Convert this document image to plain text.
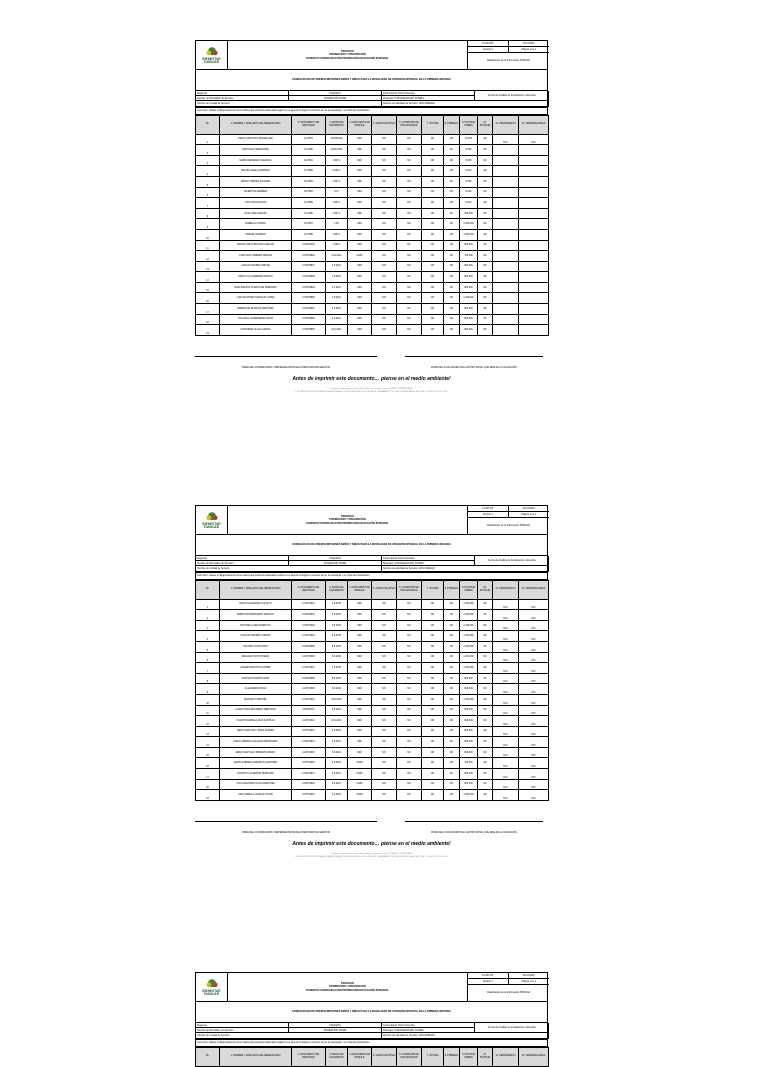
BIENESTAR FAMILIAR
PROCESO
PROMOCIÓN Y PREVENCIÓN
FORMATO CONSOLIDACIÓN PROMOCIÓN EDUCACIÓN INTEGRAL
F1.MO.PP	01/10/2015
Versión 4	Página 1 de 1
Clasificación de la Información PÚBLICA
CONSOLIDADO DE PREINSCRIPCIONES NIÑOS Y NIÑAS PARA LA MODALIDAD DE ATENCIÓN INTEGRAL EN LA PRIMERA INFANCIA
Regional	CAQUETÁ	Centro Zonal: Norte Florencia
Fecha de Análisis de Focalización: diciembre
Nombre del Prestador del Servicio	FUNDACION CIPRE	Municipio: CARTAGENA DEL CHAIRA
Nombre de Unidad de Servicio	Nombre de actividad de Servicio: UDS CRECER
Instructivo: Indique el diligenciamiento de los datos para productos planteados registro a en atención integral en servicios de ser de descargar o en cifras de Focalización.
No.	1. NOMBRE Y APELLIDOS DEL BENEFICIARIO	2. DOCUMENTO DE IDENTIDAD	3. FECHA DE NACIMIENTO	4. DESCUENTO DE PROFILE	5. GRUPO DE ÉTNIA	6. CONDICIÓN DE DISCAPACIDAD	7. VÍCTIMA	8. POBREZA	9. PUNTAJE SISBEN	10. PUNTAJE	11. PERTENENCIA	12. OBSERVACIONES
1	DIEGO SANTIAGO RODRIGUEZ	1117879	25/03/2019	NINI	NO	NO	NO	NO	10.000	NO	NO	NO
2	SANTIAGO HERNÁNDEZ	1117880	16/11/2020	NINI	NO	NO	NO	NO	8.000	NO		
3	MARIA FERNANDA VALENCIA	1117881	1.807.1	NINI	NO	NO	NO	NO	8.000	NO		
4	MIGUEL ANGEL QUEVEDO	1117882	2.001.2	NINI	NO	NO	NO	NO	8.000	NO		
5	MATEO TORRES SALAZAR	1117883	1.807.1	NINI	NO	NO	NO	NO	8.000	NO		
6	VALENTINA RAMÍREZ	1117884	15.0	NINI	NO	NO	NO	NO	8.000	NO		
7	LUNA SOFIA ROJAS	1117885	1.807.1	NINI	NO	NO	NO	NO	8.000	NO		
8	JUAN JOSÉ VARGAS	1117886	1.807.1	NINI	NO	NO	NO	NO	300.000	NO		
9	ISABELLA CASTRO	1117887	1.80	NINI	NO	NO	NO	NO	1.200.000	NO		
10	SAMUEL MORENO	1117888	1.807.1	NINI	NO	NO	NO	NO	1.200.000	NO		
11	DANNA LISETH MOLINA CUELLAR	1117879145	1.602.1	NINI	NO	NO	NO	NO	900.000	NO		
12	JOSÉ SAÚL JIMÉNEZ VARGAS	1117879846	3.02.2021	CNAP	NO	NO	NO	NO	720.000	NO		
13	CARLOS ANDRES OSPINA	1117879847	1.5.2021	NINI	NO	NO	NO	NO	800.000	NO		
14	SARA TULIA PAREDES RINCON	1117879848	7.8.2021	NINI	NO	NO	NO	NO	800.000	NO		
15	JUAN MATEUS CLAROS DE PERDOMO	1117879849	1.4.2021	NINI	NO	NO	NO	NO	950.000	NO		
16	LUNA MATTHEW NARANJO LOPEZ	1117879850	7.9.2021	NINI	NO	NO	NO	NO	1.200.000	NO		
17	EMMANUEL BURGOS MARTÍNEZ	1117879851	1.3.2021	NINI	NO	NO	NO	NO	800.000	NO		
18	THALIANA VALDERRAMA ORTIZ	1117879852	1.6.2021	NINI	NO	NO	NO	NO	800.000	NO		
19	CATHERINE ULLOA GARCIA	1117879853	23.4.2021	NINI	NO	NO	NO	NO	800.000	NO		
FIRMA DEL COORDINADOR O REPRESENTANTE DEL PRESTADOR DE SERVICIO	FIRMA DEL FUNCIONARIO DEL CENTRO ZONAL QUE REALIZA LA VALIDACIÓN
Antes de imprimir este documento… piense en el medio ambiente!
Cualquier copia impresa de este documento se considera como COPIA NO CONTROLADA.
LOS DATOS PROPORCIONADOS SERÁN TRATADOS DE ACUERDO A LA POLÍTICA DE TRATAMIENTO DE DATOS PERSONALES DEL ICBF Y LA LEY 1581 DE 2012.
BIENESTAR FAMILIAR
PROCESO
PROMOCIÓN Y PREVENCIÓN
FORMATO CONSOLIDACIÓN PROMOCIÓN EDUCACIÓN INTEGRAL
F1.MO.PP	01/10/2015
Versión 4	Página 1 de 1
Clasificación de la Información PÚBLICA
CONSOLIDADO DE PREINSCRIPCIONES NIÑOS Y NIÑAS PARA LA MODALIDAD DE ATENCIÓN INTEGRAL EN LA PRIMERA INFANCIA
Regional	CAQUETÁ	Centro Zonal: Norte Florencia
Fecha de Análisis de Focalización: diciembre
Nombre del Prestador del Servicio	FUNDACION CIPRE	Municipio: CARTAGENA DEL CHAIRA
Nombre de Unidad de Servicio	Nombre de actividad de Servicio: UDS CRECER
Instructivo: Indique el diligenciamiento de los datos para productos planteados registro a en atención integral en servicios de ser de descargar o en cifras de Focalización.
No.	1. NOMBRE Y APELLIDOS DEL BENEFICIARIO	2. DOCUMENTO DE IDENTIDAD	3. FECHA DE NACIMIENTO	4. DESCUENTO DE PROFILE	5. GRUPO DE ÉTNIA	6. CONDICIÓN DE DISCAPACIDAD	7. VÍCTIMA	8. POBREZA	9. PUNTAJE SISBEN	10. PUNTAJE	11. PERTENENCIA	12. OBSERVACIONES
1	SOFIA ALEJANDRA CASTILLO	1117879001	1.8.2019	NINI	NO	NO	NO	NO	1.200.000	NO	NO	NO
2	SEBASTIÁN RESTREPO GIRALDO	1117879002	2.8.2019	NINI	NO	NO	NO	NO	1.200.000	NO	NO	NO
3	ANTONELLA MEJIA BEDOYA	1117879003	3.8.2019	NINI	NO	NO	NO	NO	1.200.000	NO	NO	NO
4	NICOLAS ANDRÉS CUESTA	1117879004	4.8.2019	NINI	NO	NO	NO	NO	1.200.000	NO	NO	NO
5	SALOME OCHOA RIOS	1117879005	5.8.2019	NINI	NO	NO	NO	NO	1.200.000	NO	NO	NO
6	EMILIANO SOTO PINEDA	1117879006	6.8.2019	NINI	NO	NO	NO	NO	1.200.000	NO	NO	NO
7	VALERIA MONTOYA GÓMEZ	1117879007	7.8.2019	NINI	NO	NO	NO	NO	1.200.000	NO	NO	NO
8	SANTIAGO ZAPATA LEÓN	1117879008	8.8.2019	NINI	NO	NO	NO	NO	900.000	NO	NO	NO
9	ALEJANDRO RIVAS	1117879009	9.8.2019	NINI	NO	NO	NO	NO	900.000	NO	NO	NO
10	MARIANA CÓRDOBA	1117879010	10.8.2019	NINI	NO	NO	NO	NO	1.200.000	NO	NO	NO
11	LAURA SOFÍA RESTREPO MERCADO	1117879011	3.8.2021	NINI	NO	NO	NO	NO	800.000	NO	NO	NO
12	YULIETH MARCELA DÍAZ CASTILLO	1117879012	23.4.2021	NINI	NO	NO	NO	NO	900.000	NO	NO	NO
13	HEIDY MARYURY LÓPEZ SUÁREZ	1117879013	1.8.2021	NINI	NO	NO	NO	NO	800.000	NO	NO	NO
14	DIEGO LIBARDO SALAZAR HERNÁNDEZ	1117879014	1.6.2021	NINI	NO	NO	NO	NO	800.000	NO	NO	NO
15	ERICK SANTIAGO PIMIENTA PARDO	1117879015	3.8.2021	NINI	NO	NO	NO	NO	800.000	NO	NO	NO
16	MARÍA GABRIELA BARRETO QUINTERO	1117879016	1.8.2021	CNAP	NO	NO	NO	NO	720.000	NO	NO	NO
17	DONATTA CALDERÓN PERDOMO	1117879017	1.8.2021	CNAP	NO	NO	NO	NO	800.000	NO	NO	NO
18	YUDI VALENTINA OLAYA MARTÍNEZ	1117879018	4.8.2021	CNAP	NO	NO	NO	NO	800.000	NO	NO	NO
19	ANA ISABELLA VARGAS TOVAR	1117879019	3.4.2021	CNAP	NO	NO	NO	NO	1.200.000	NO	NO	NO
FIRMA DEL COORDINADOR O REPRESENTANTE DEL PRESTADOR DE SERVICIO	FIRMA DEL FUNCIONARIO DEL CENTRO ZONAL QUE REALIZA LA VALIDACIÓN
Antes de imprimir este documento… piense en el medio ambiente!
Cualquier copia impresa de este documento se considera como COPIA NO CONTROLADA.
LOS DATOS PROPORCIONADOS SERÁN TRATADOS DE ACUERDO A LA POLÍTICA DE TRATAMIENTO DE DATOS PERSONALES DEL ICBF Y LA LEY 1581 DE 2012.
BIENESTAR FAMILIAR
PROCESO
PROMOCIÓN Y PREVENCIÓN
FORMATO CONSOLIDACIÓN PROMOCIÓN EDUCACIÓN INTEGRAL
F1.MO.PP	01/10/2015
Versión 4	Página 1 de 1
Clasificación de la Información PÚBLICA
CONSOLIDADO DE PREINSCRIPCIONES NIÑOS Y NIÑAS PARA LA MODALIDAD DE ATENCIÓN INTEGRAL EN LA PRIMERA INFANCIA
Regional	CAQUETÁ	Centro Zonal: Norte Florencia
Fecha de Análisis de Focalización: diciembre
Nombre del Prestador del Servicio	FUNDACION CIPRE	Municipio: CARTAGENA DEL CHAIRA
Nombre de Unidad de Servicio	Nombre de actividad de Servicio: UDS CRECER
Instructivo: Indique el diligenciamiento de los datos para productos planteados registro a en atención integral en servicios de ser de descargar o en cifras de Focalización.
No.	1. NOMBRE Y APELLIDOS DEL BENEFICIARIO	2. DOCUMENTO DE IDENTIDAD	3. FECHA DE NACIMIENTO	4. DESCUENTO DE PROFILE	5. GRUPO DE ÉTNIA	6. CONDICIÓN DE DISCAPACIDAD	7. VÍCTIMA	8. POBREZA	9. PUNTAJE SISBEN	10. PUNTAJE	11. PERTENENCIA	12. OBSERVACIONES
